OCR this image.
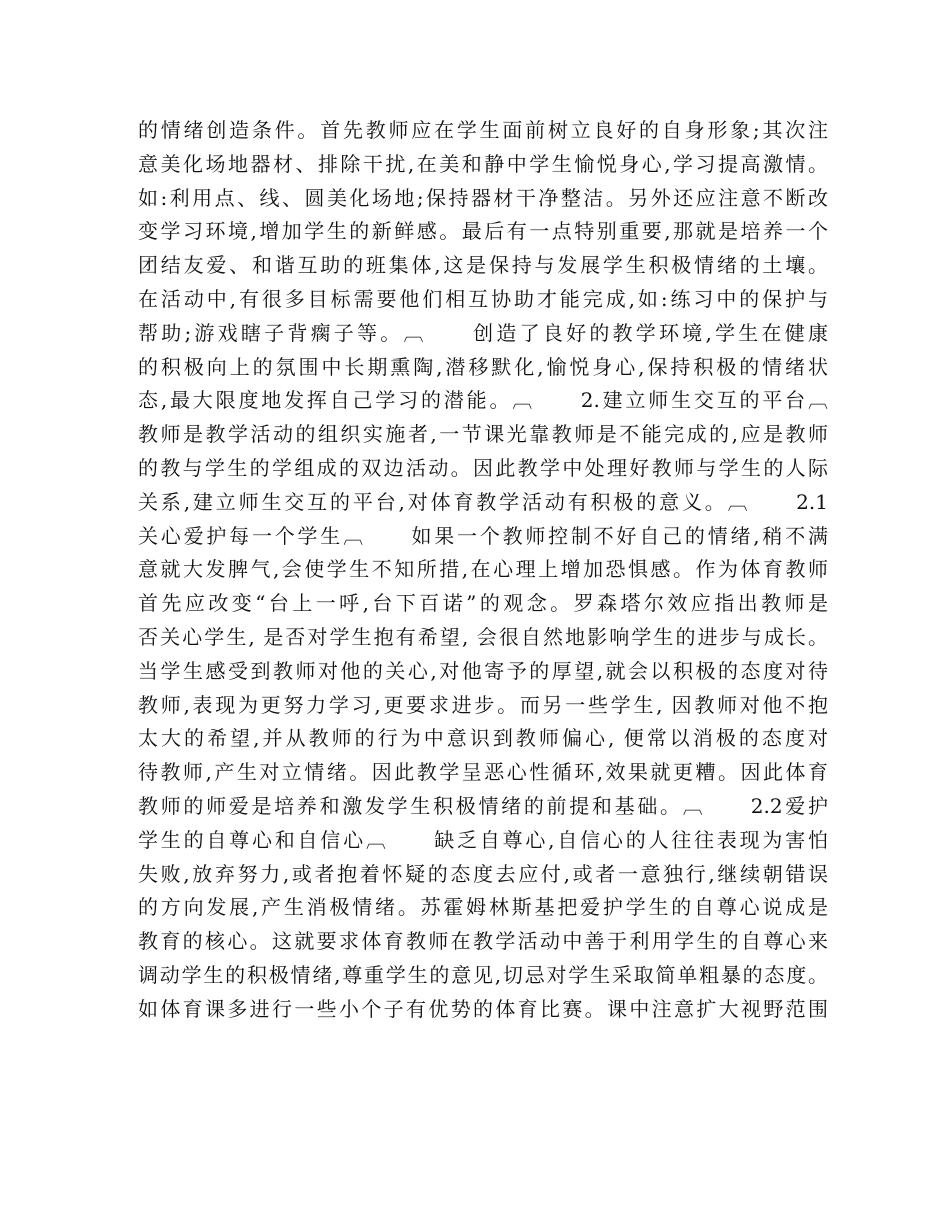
的情绪创造条件。首先教师应在学生面前树立良好的自身形象;其次注
意美化场地器材、排除干扰,在美和静中学生愉悦身心,学习提高激情。
如:利用点、线、圆美化场地;保持器材干净整洁。另外还应注意不断改
变学习环境,增加学生的新鲜感。最后有一点特别重要,那就是培养一个
团结友爱、和谐互助的班集体,这是保持与发展学生积极情绪的土壤。
在活动中,有很多目标需要他们相互协助才能完成,如:练习中的保护与
帮助;游戏瞎子背瘸子等。︹　　创造了良好的教学环境,学生在健康
的积极向上的氛围中长期熏陶,潜移默化,愉悦身心,保持积极的情绪状
态,最大限度地发挥自己学习的潜能。︹　　2.建立师生交互的平台︹
教师是教学活动的组织实施者,一节课光靠教师是不能完成的,应是教师
的教与学生的学组成的双边活动。因此教学中处理好教师与学生的人际
关系,建立师生交互的平台,对体育教学活动有积极的意义。︹　　2.1
关心爱护每一个学生︹　　如果一个教师控制不好自己的情绪,稍不满
意就大发脾气,会使学生不知所措,在心理上增加恐惧感。作为体育教师
首先应改变“台上一呼,台下百诺”的观念。罗森塔尔效应指出教师是
否关心学生, 是否对学生抱有希望, 会很自然地影响学生的进步与成长。
当学生感受到教师对他的关心,对他寄予的厚望,就会以积极的态度对待
教师,表现为更努力学习,更要求进步。而另一些学生, 因教师对他不抱
太大的希望,并从教师的行为中意识到教师偏心, 便常以消极的态度对
待教师,产生对立情绪。因此教学呈恶心性循环,效果就更糟。因此体育
教师的师爱是培养和激发学生积极情绪的前提和基础。︹　　2.2爱护
学生的自尊心和自信心︹　　缺乏自尊心,自信心的人往往表现为害怕
失败,放弃努力,或者抱着怀疑的态度去应付,或者一意独行,继续朝错误
的方向发展,产生消极情绪。苏霍姆林斯基把爱护学生的自尊心说成是
教育的核心。这就要求体育教师在教学活动中善于利用学生的自尊心来
调动学生的积极情绪,尊重学生的意见,切忌对学生采取简单粗暴的态度。
如体育课多进行一些小个子有优势的体育比赛。课中注意扩大视野范围
